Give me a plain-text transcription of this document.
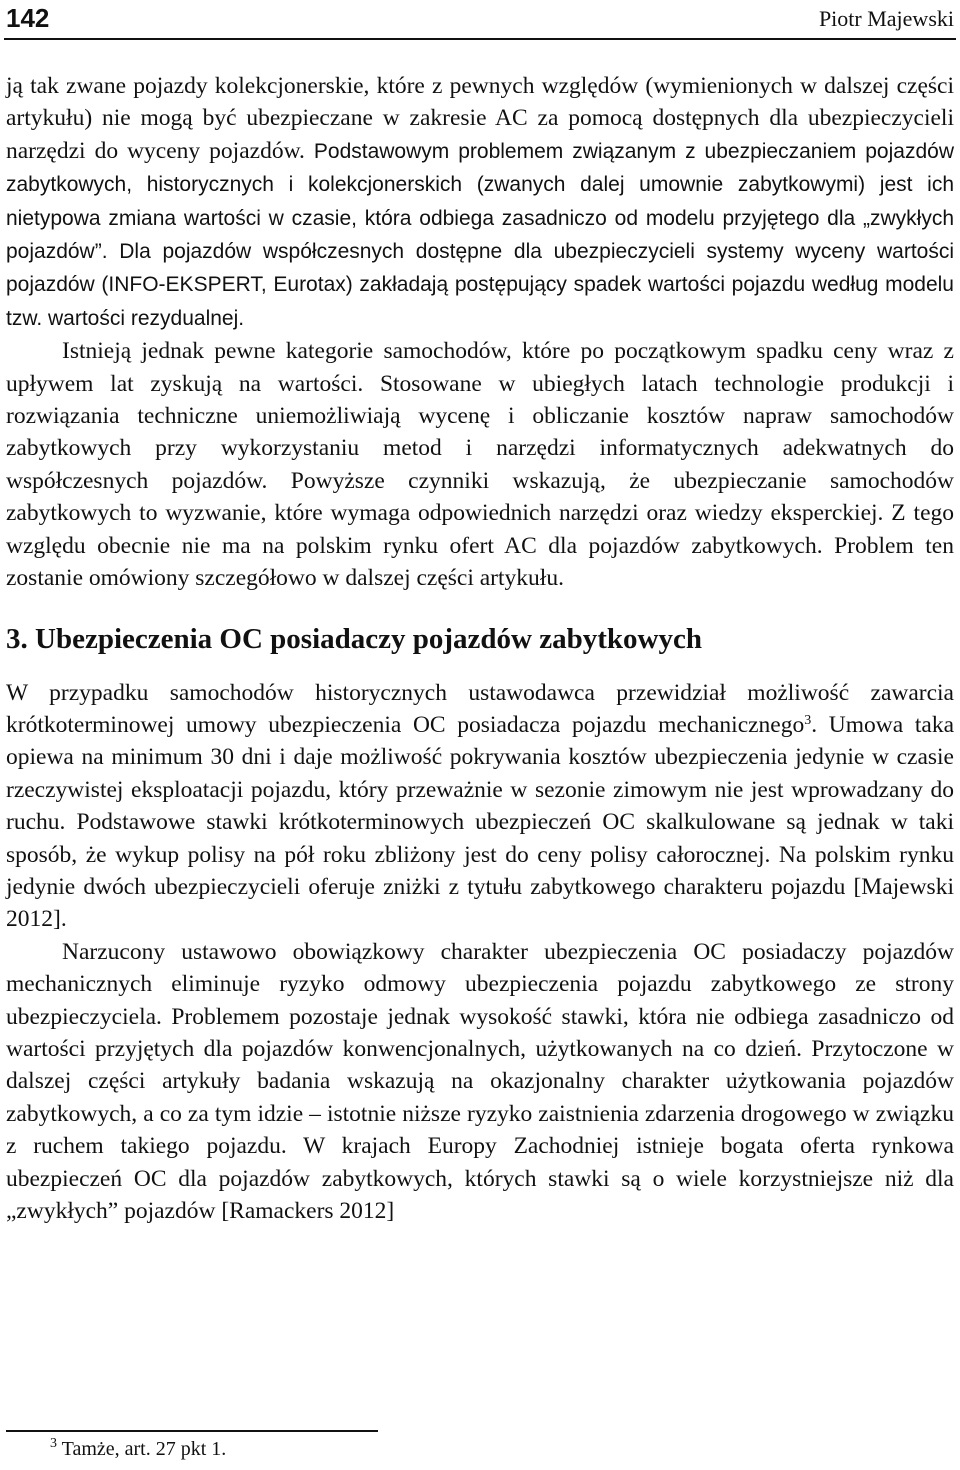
142	Piotr Majewski

ją tak zwane pojazdy kolekcjonerskie, które z pewnych względów (wymienionych w dalszej części artykułu) nie mogą być ubezpieczane w zakresie AC za pomocą dostępnych dla ubezpieczycieli narzędzi do wyceny pojazdów. Podstawowym problemem związanym z ubezpieczaniem pojazdów zabytkowych, historycznych i kolekcjonerskich (zwanych dalej umownie zabytkowymi) jest ich nietypowa zmiana wartości w czasie, która odbiega zasadniczo od modelu przyjętego dla „zwykłych pojazdów”. Dla pojazdów współczesnych dostępne dla ubezpieczycieli systemy wyceny wartości pojazdów (INFO-EKSPERT, Eurotax) zakładają postępujący spadek wartości pojazdu według modelu tzw. wartości rezydualnej.

Istnieją jednak pewne kategorie samochodów, które po początkowym spadku ceny wraz z upływem lat zyskują na wartości. Stosowane w ubiegłych latach technologie produkcji i rozwiązania techniczne uniemożliwiają wycenę i obliczanie kosztów napraw samochodów zabytkowych przy wykorzystaniu metod i narzędzi informatycznych adekwatnych do współczesnych pojazdów. Powyższe czynniki wskazują, że ubezpieczanie samochodów zabytkowych to wyzwanie, które wymaga odpowiednich narzędzi oraz wiedzy eksperckiej. Z tego względu obecnie nie ma na polskim rynku ofert AC dla pojazdów zabytkowych. Problem ten zostanie omówiony szczegółowo w dalszej części artykułu.

3. Ubezpieczenia OC posiadaczy pojazdów zabytkowych

W przypadku samochodów historycznych ustawodawca przewidział możliwość zawarcia krótkoterminowej umowy ubezpieczenia OC posiadacza pojazdu mechanicznego$^3$. Umowa taka opiewa na minimum 30 dni i daje możliwość pokrywania kosztów ubezpieczenia jedynie w czasie rzeczywistej eksploatacji pojazdu, który przeważnie w sezonie zimowym nie jest wprowadzany do ruchu. Podstawowe stawki krótkoterminowych ubezpieczeń OC skalkulowane są jednak w taki sposób, że wykup polisy na pół roku zbliżony jest do ceny polisy całorocznej. Na polskim rynku jedynie dwóch ubezpieczycieli oferuje zniżki z tytułu zabytkowego charakteru pojazdu [Majewski 2012].

Narzucony ustawowo obowiązkowy charakter ubezpieczenia OC posiadaczy pojazdów mechanicznych eliminuje ryzyko odmowy ubezpieczenia pojazdu zabytkowego ze strony ubezpieczyciela. Problemem pozostaje jednak wysokość stawki, która nie odbiega zasadniczo od wartości przyjętych dla pojazdów konwencjonalnych, użytkowanych na co dzień. Przytoczone w dalszej części artykuły badania wskazują na okazjonalny charakter użytkowania pojazdów zabytkowych, a co za tym idzie – istotnie niższe ryzyko zaistnienia zdarzenia drogowego w związku z ruchem takiego pojazdu. W krajach Europy Zachodniej istnieje bogata oferta rynkowa ubezpieczeń OC dla pojazdów zabytkowych, których stawki są o wiele korzystniejsze niż dla „zwykłych” pojazdów [Ramackers 2012]

$^3$ Tamże, art. 27 pkt 1.
